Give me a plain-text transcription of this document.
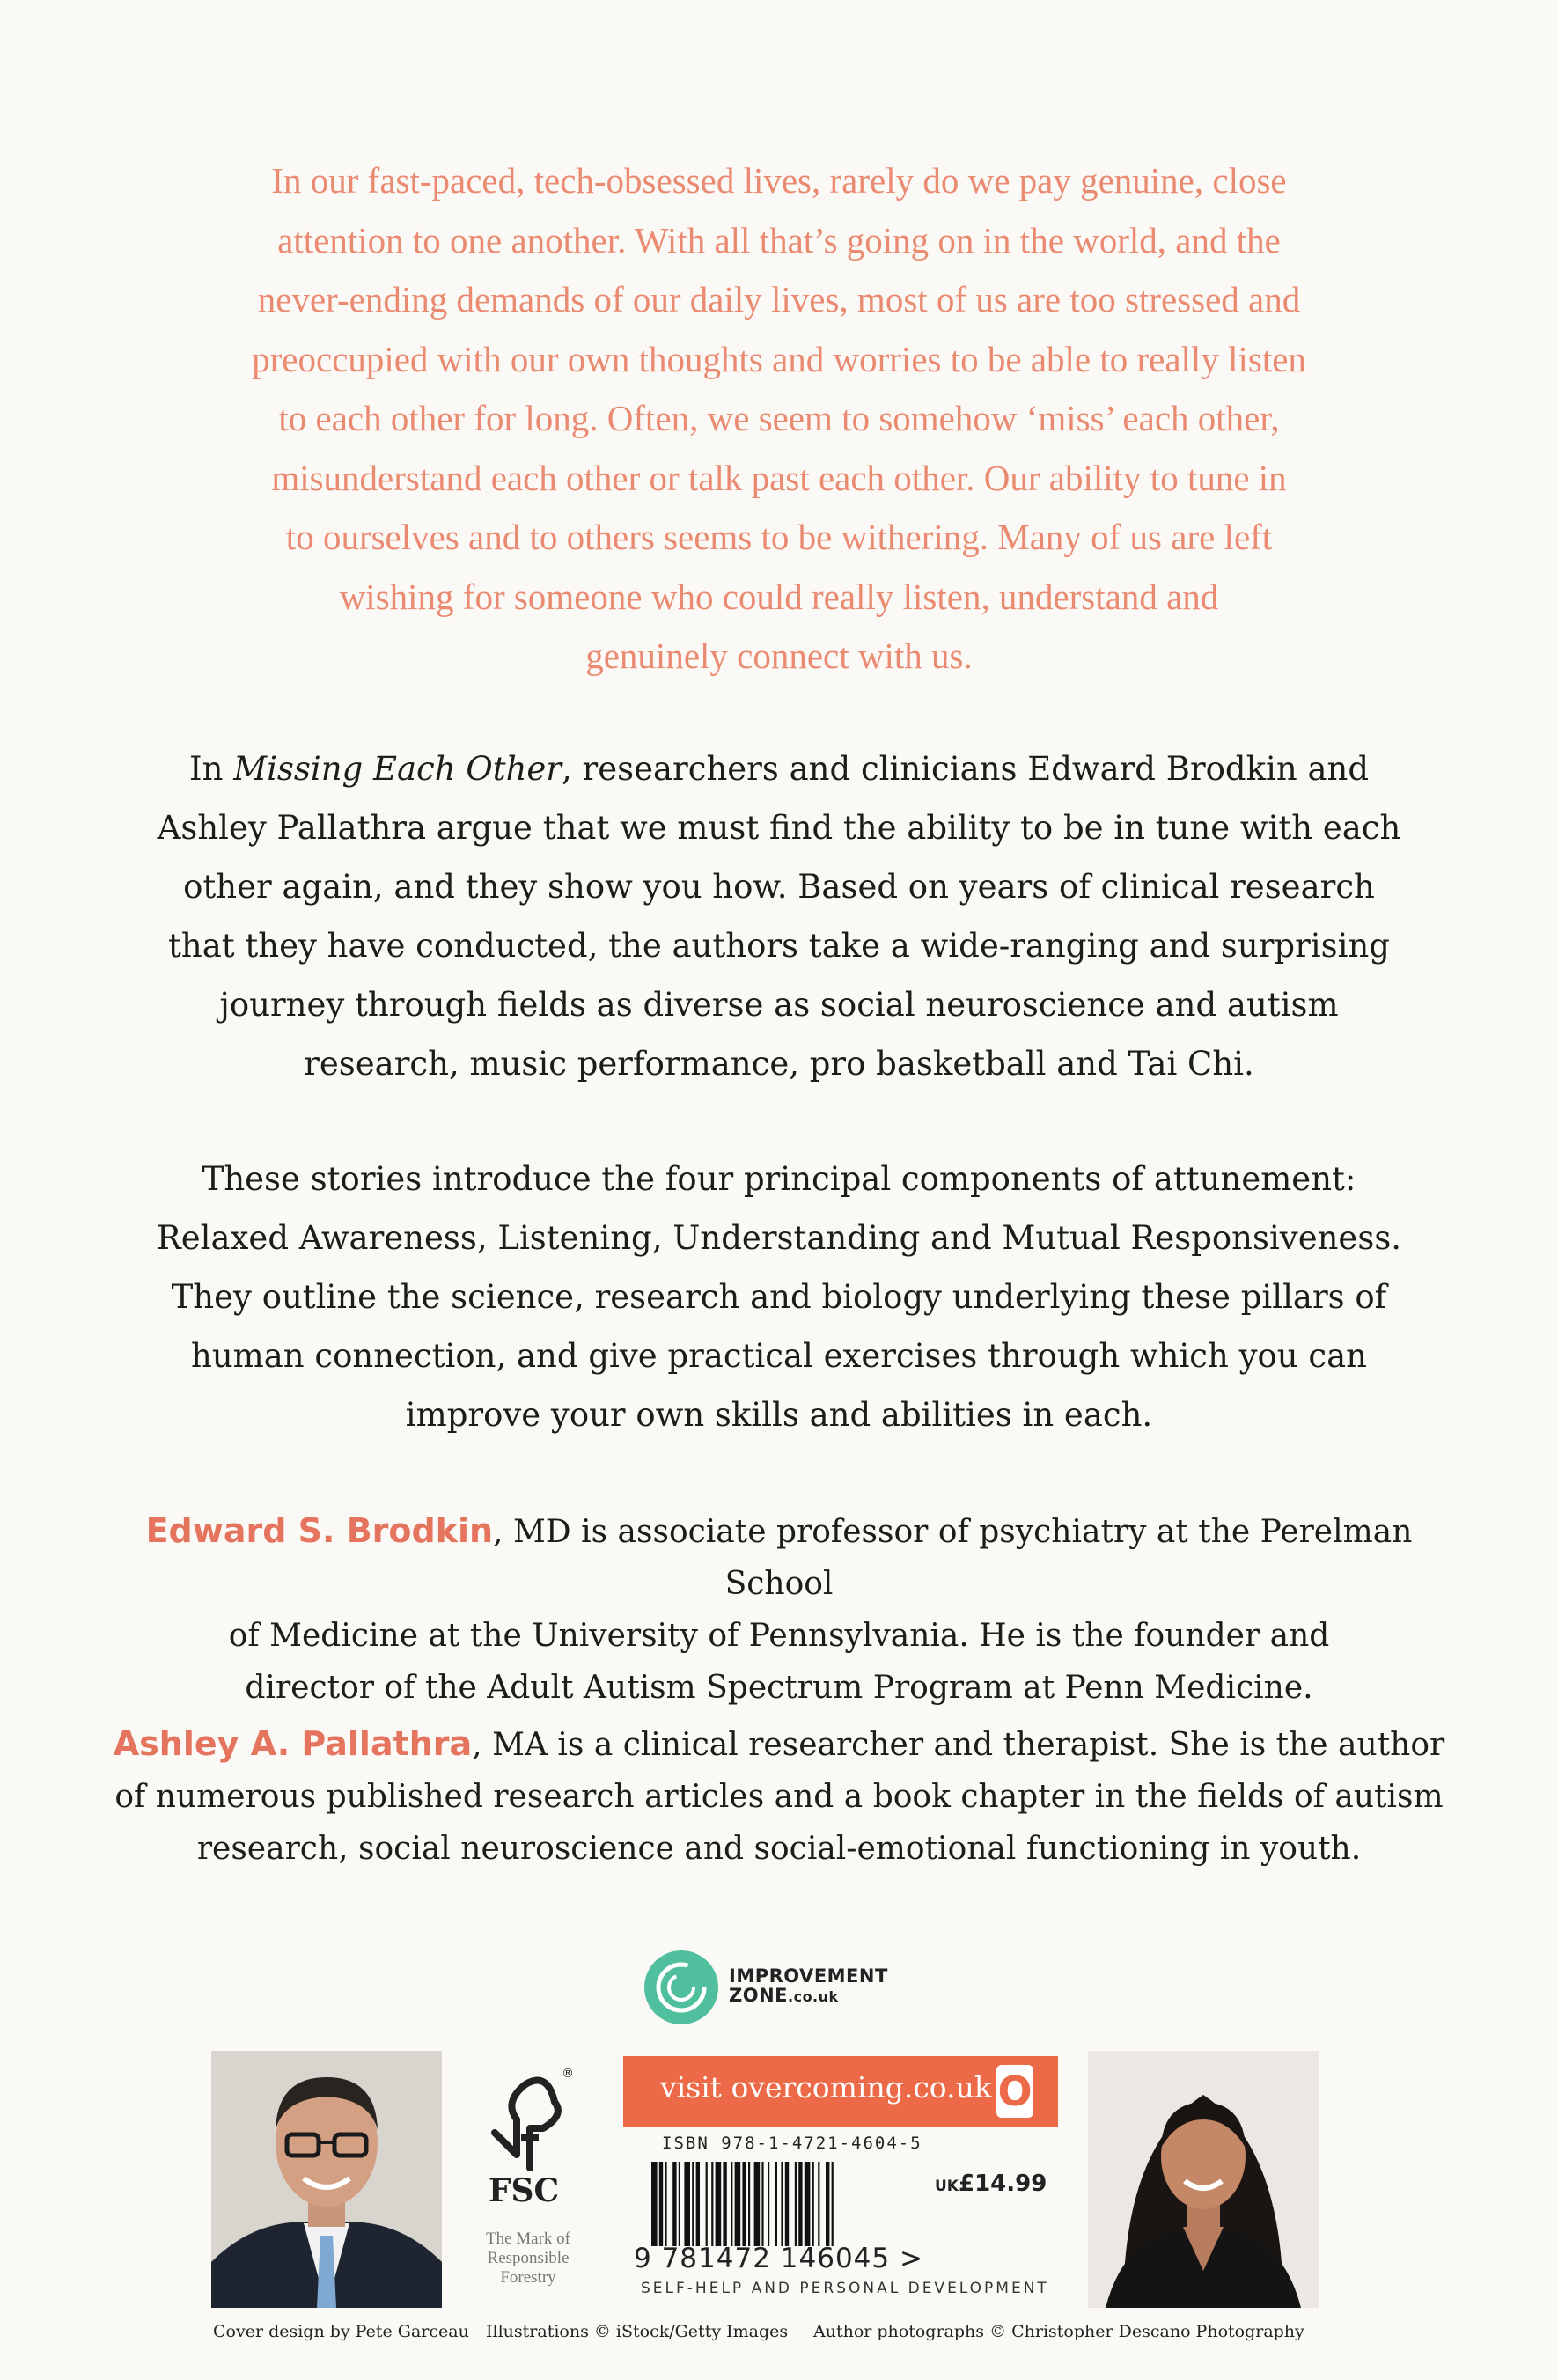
In our fast-paced, tech-obsessed lives, rarely do we pay genuine, close
attention to one another. With all that’s going on in the world, and the
never-ending demands of our daily lives, most of us are too stressed and
preoccupied with our own thoughts and worries to be able to really listen
to each other for long. Often, we seem to somehow ‘miss’ each other,
misunderstand each other or talk past each other. Our ability to tune in
to ourselves and to others seems to be withering. Many of us are left
wishing for someone who could really listen, understand and
genuinely connect with us.

In Missing Each Other, researchers and clinicians Edward Brodkin and
Ashley Pallathra argue that we must find the ability to be in tune with each
other again, and they show you how. Based on years of clinical research
that they have conducted, the authors take a wide-ranging and surprising
journey through fields as diverse as social neuroscience and autism
research, music performance, pro basketball and Tai Chi.

These stories introduce the four principal components of attunement:
Relaxed Awareness, Listening, Understanding and Mutual Responsiveness.
They outline the science, research and biology underlying these pillars of
human connection, and give practical exercises through which you can
improve your own skills and abilities in each.

Edward S. Brodkin, MD is associate professor of psychiatry at the Perelman School
of Medicine at the University of Pennsylvania. He is the founder and
director of the Adult Autism Spectrum Program at Penn Medicine.

Ashley A. Pallathra, MA is a clinical researcher and therapist. She is the author
of numerous published research articles and a book chapter in the fields of autism
research, social neuroscience and social-emotional functioning in youth.

IMPROVEMENT
ZONE.co.uk
®
FSC
The Mark of
Responsible
Forestry
visit overcoming.co.uk O
ISBN 978-1-4721-4604-5
UK£14.99
9 781472 146045 >
SELF-HELP AND PERSONAL DEVELOPMENT
Cover design by Pete Garceau Illustrations © iStock/Getty Images Author photographs © Christopher Descano Photography
